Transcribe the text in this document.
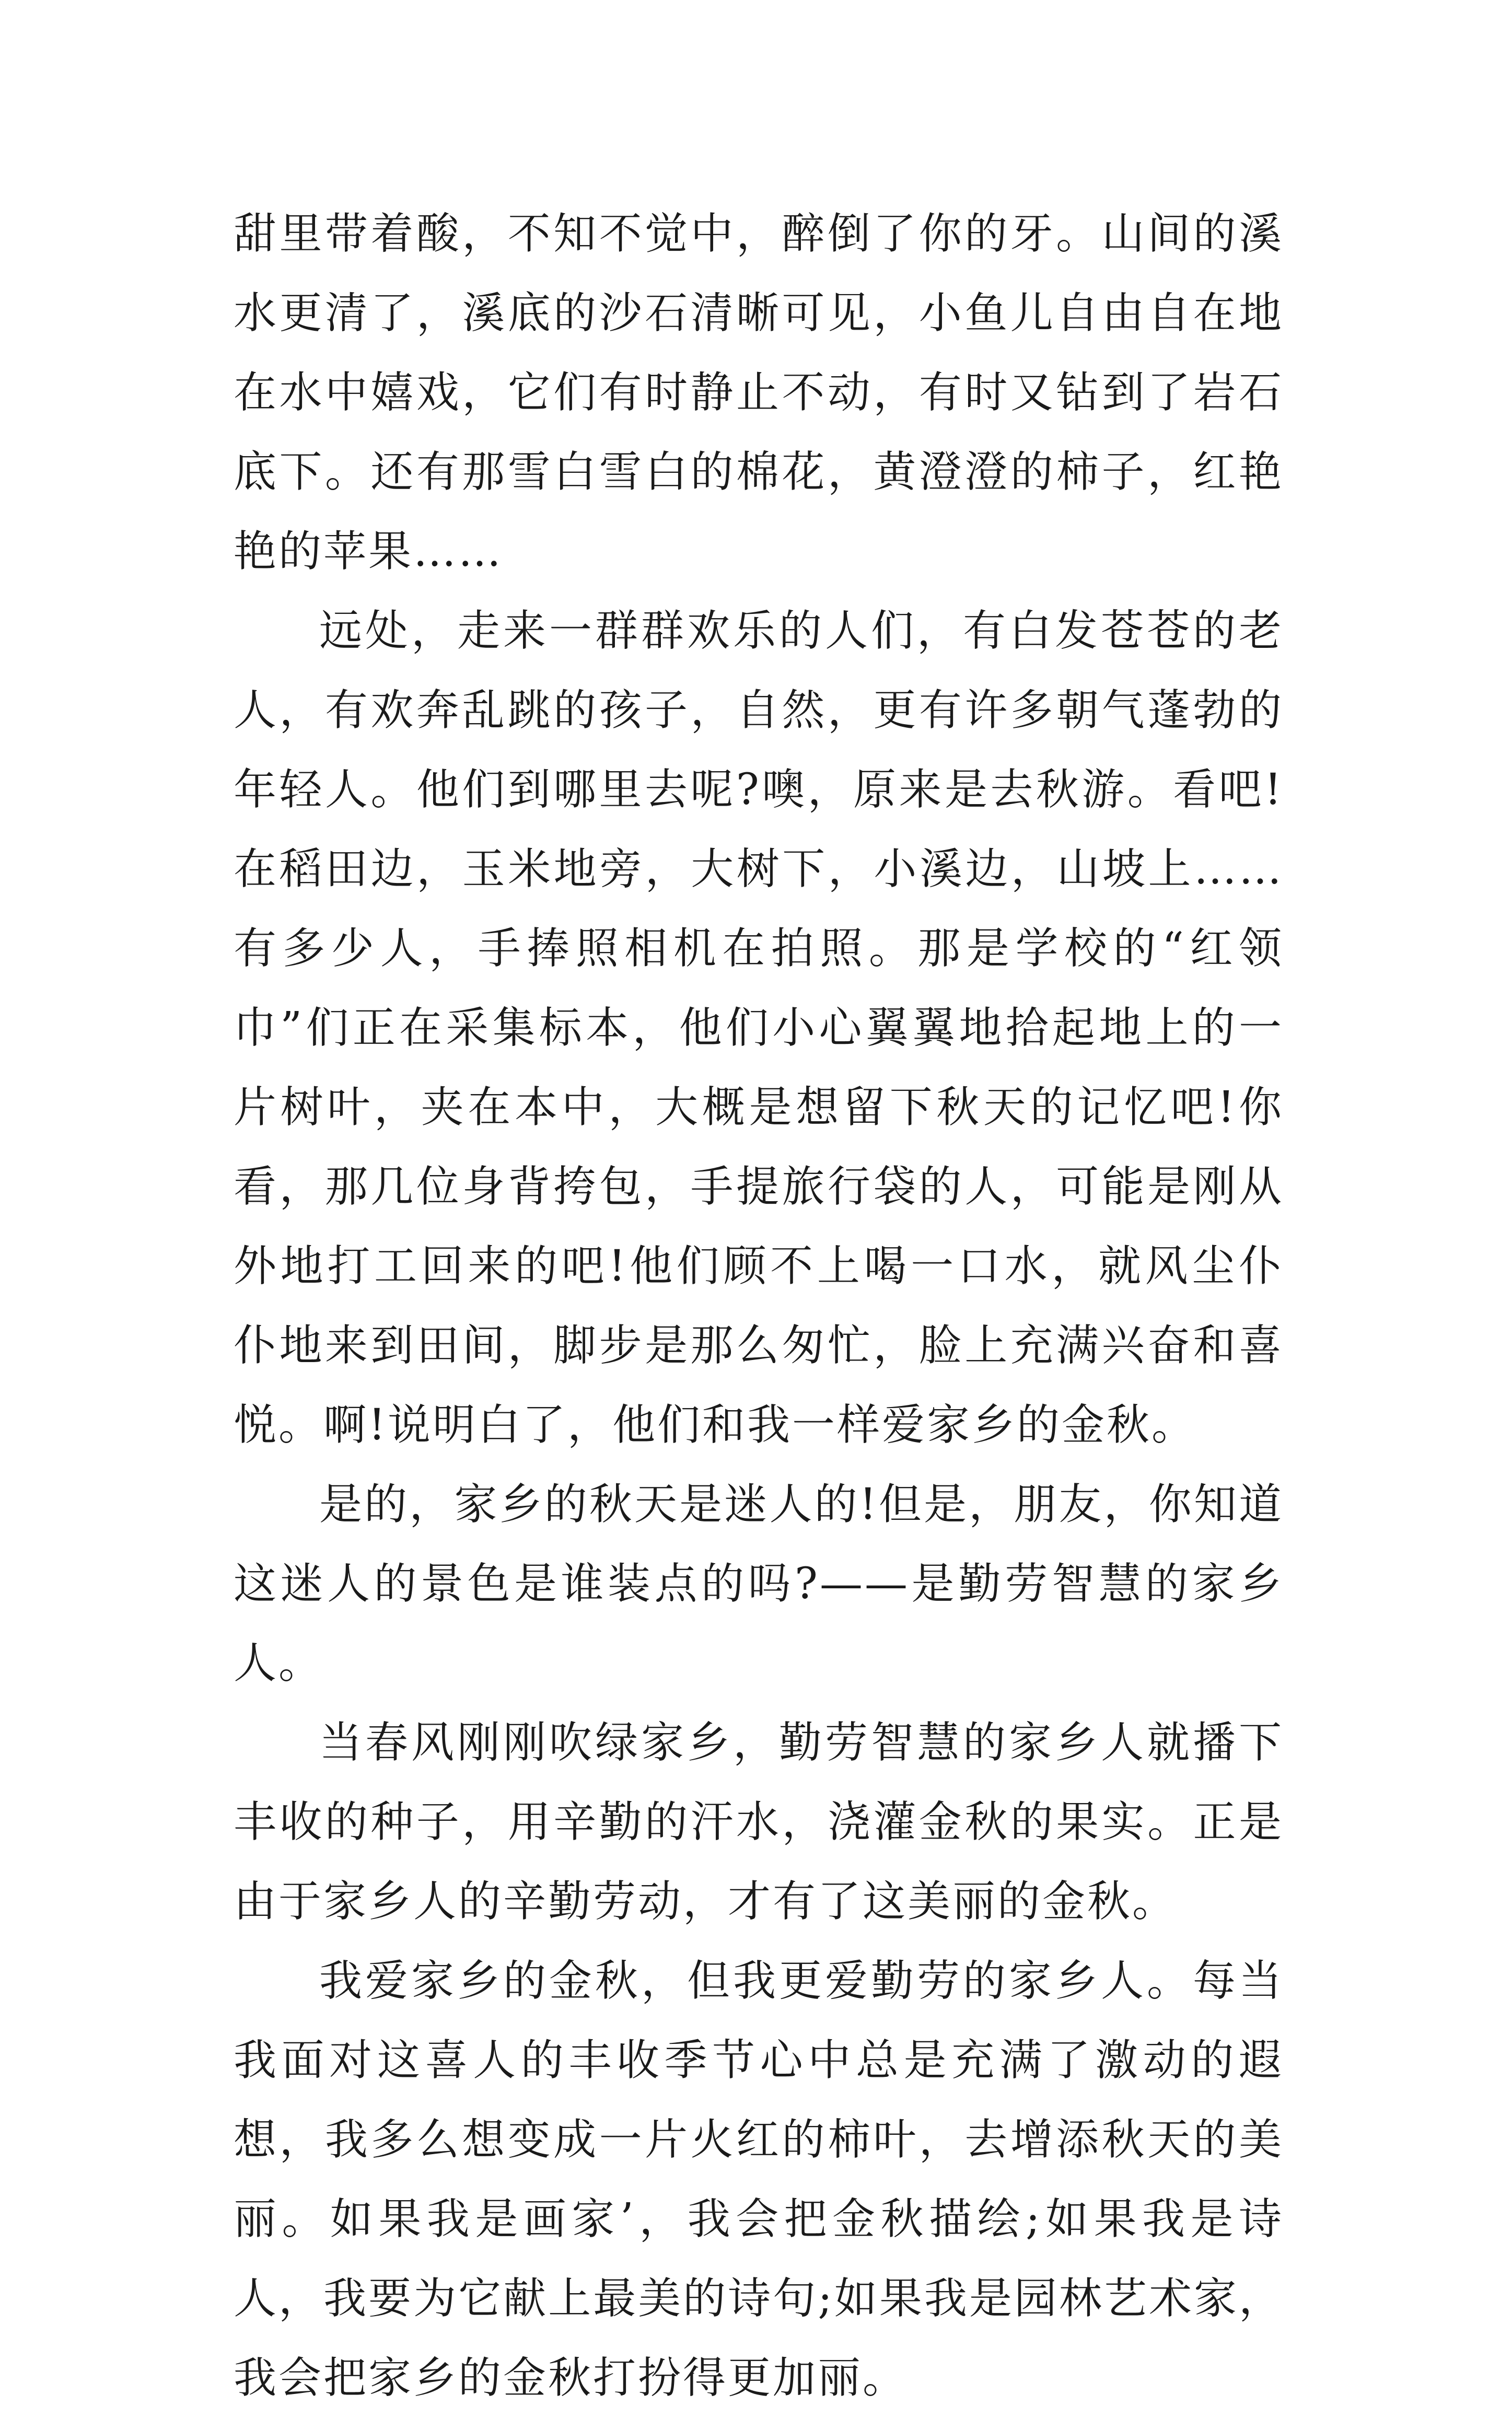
甜里带着酸，不知不觉中，醉倒了你的牙。山间的溪水更清了，溪底的沙石清晰可见，小鱼儿自由自在地在水中嬉戏，它们有时静止不动，有时又钻到了岩石底下。还有那雪白雪白的棉花，黄澄澄的柿子，红艳艳的苹果……

远处，走来一群群欢乐的人们，有白发苍苍的老人，有欢奔乱跳的孩子，自然，更有许多朝气蓬勃的年轻人。他们到哪里去呢?噢，原来是去秋游。看吧!在稻田边，玉米地旁，大树下，小溪边，山坡上……有多少人，手捧照相机在拍照。那是学校的“红领巾”们正在采集标本，他们小心翼翼地拾起地上的一片树叶，夹在本中，大概是想留下秋天的记忆吧!你看，那几位身背挎包，手提旅行袋的人，可能是刚从外地打工回来的吧!他们顾不上喝一口水，就风尘仆仆地来到田间，脚步是那么匆忙，脸上充满兴奋和喜悦。啊!说明白了，他们和我一样爱家乡的金秋。

是的，家乡的秋天是迷人的!但是，朋友，你知道这迷人的景色是谁装点的吗?——是勤劳智慧的家乡人。

当春风刚刚吹绿家乡，勤劳智慧的家乡人就播下丰收的种子，用辛勤的汗水，浇灌金秋的果实。正是由于家乡人的辛勤劳动，才有了这美丽的金秋。

我爱家乡的金秋，但我更爱勤劳的家乡人。每当我面对这喜人的丰收季节心中总是充满了激动的遐想，我多么想变成一片火红的柿叶，去增添秋天的美丽。如果我是画家’，我会把金秋描绘;如果我是诗人，我要为它献上最美的诗句;如果我是园林艺术家，我会把家乡的金秋打扮得更加丽。
